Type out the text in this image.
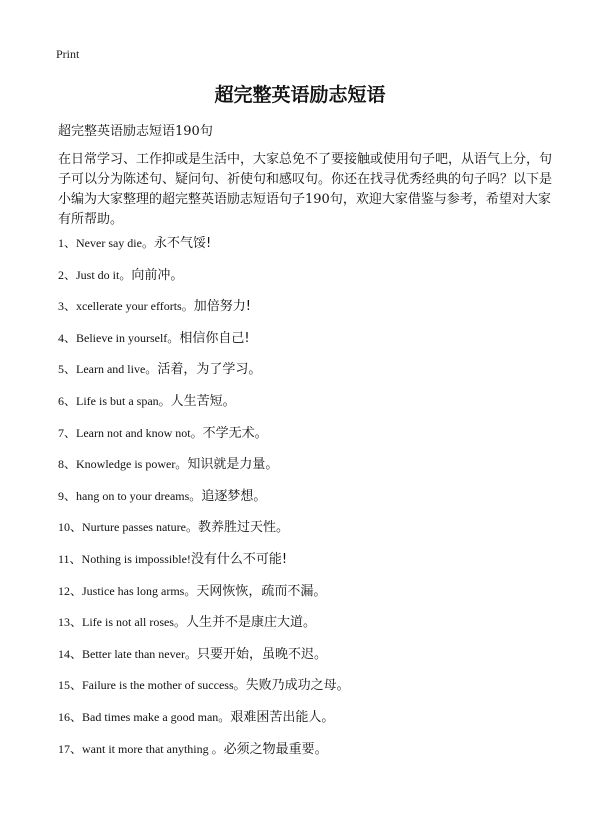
Print
超完整英语励志短语
超完整英语励志短语190句
在日常学习、工作抑或是生活中，大家总免不了要接触或使用句子吧，从语气上分，句子可以分为陈述句、疑问句、祈使句和感叹句。你还在找寻优秀经典的句子吗？以下是小编为大家整理的超完整英语励志短语句子190句，欢迎大家借鉴与参考，希望对大家有所帮助。
1、Never say die。永不气馁!
2、Just do it。向前冲。
3、xcellerate your efforts。加倍努力!
4、Believe in yourself。相信你自己!
5、Learn and live。活着，为了学习。
6、Life is but a span。人生苦短。
7、Learn not and know not。不学无术。
8、Knowledge is power。知识就是力量。
9、hang on to your dreams。追逐梦想。
10、Nurture passes nature。教养胜过天性。
11、Nothing is impossible!没有什么不可能!
12、Justice has long arms。天网恢恢，疏而不漏。
13、Life is not all roses。人生并不是康庄大道。
14、Better late than never。只要开始，虽晚不迟。
15、Failure is the mother of success。失败乃成功之母。
16、Bad times make a good man。艰难困苦出能人。
17、want it more that anything 。必须之物最重要。
